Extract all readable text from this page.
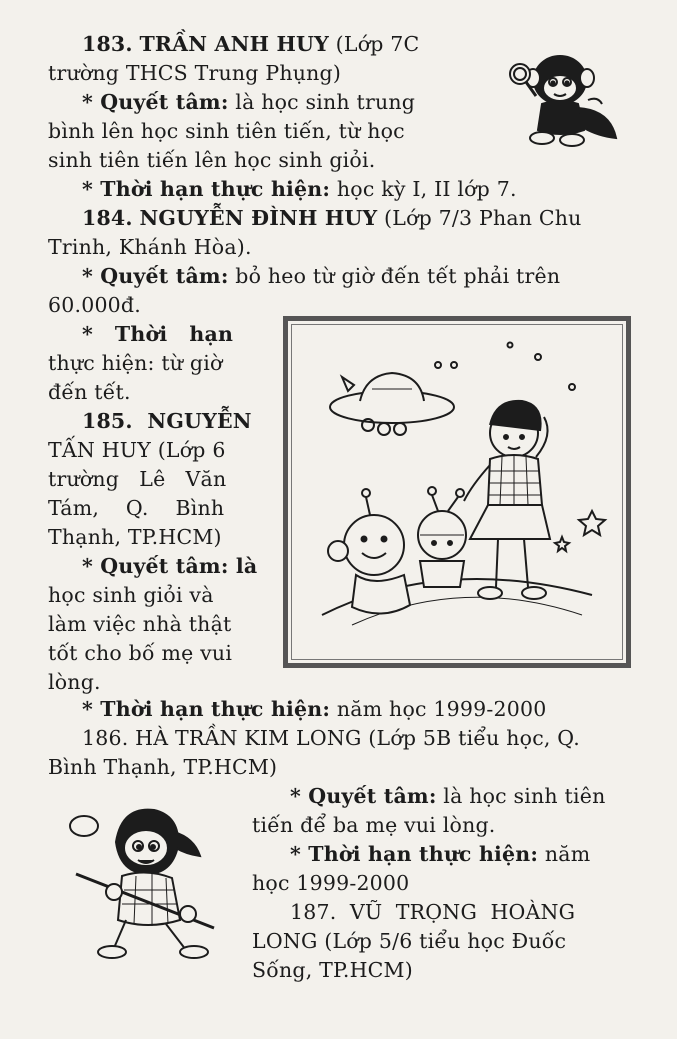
183. TRẦN ANH HUY (Lớp 7C
trường THCS Trung Phụng)
* Quyết tâm: là học sinh trung
bình lên học sinh tiên tiến, từ học
sinh tiên tiến lên học sinh giỏi.
* Thời hạn thực hiện: học kỳ I, II lớp 7.
184. NGUYỄN ĐÌNH HUY (Lớp 7/3 Phan Chu
Trinh, Khánh Hòa).
* Quyết tâm: bỏ heo từ giờ đến tết phải trên
60.000đ.
*   Thời   hạn
thực hiện: từ giờ
đến tết.
185.  NGUYỄN
TẤN HUY (Lớp 6
trường   Lê   Văn
Tám,    Q.    Bình
Thạnh, TP.HCM)
* Quyết tâm: là
học sinh giỏi và
làm việc nhà thật
tốt cho bố mẹ vui
lòng.
* Thời hạn thực hiện: năm học 1999-2000
186. HÀ TRẦN KIM LONG (Lớp 5B tiểu học, Q.
Bình Thạnh, TP.HCM)
* Quyết tâm: là học sinh tiên
tiến để ba mẹ vui lòng.
* Thời hạn thực hiện: năm
học 1999-2000
187.  VŨ  TRỌNG  HOÀNG
LONG (Lớp 5/6 tiểu học Đuốc
Sống, TP.HCM)
